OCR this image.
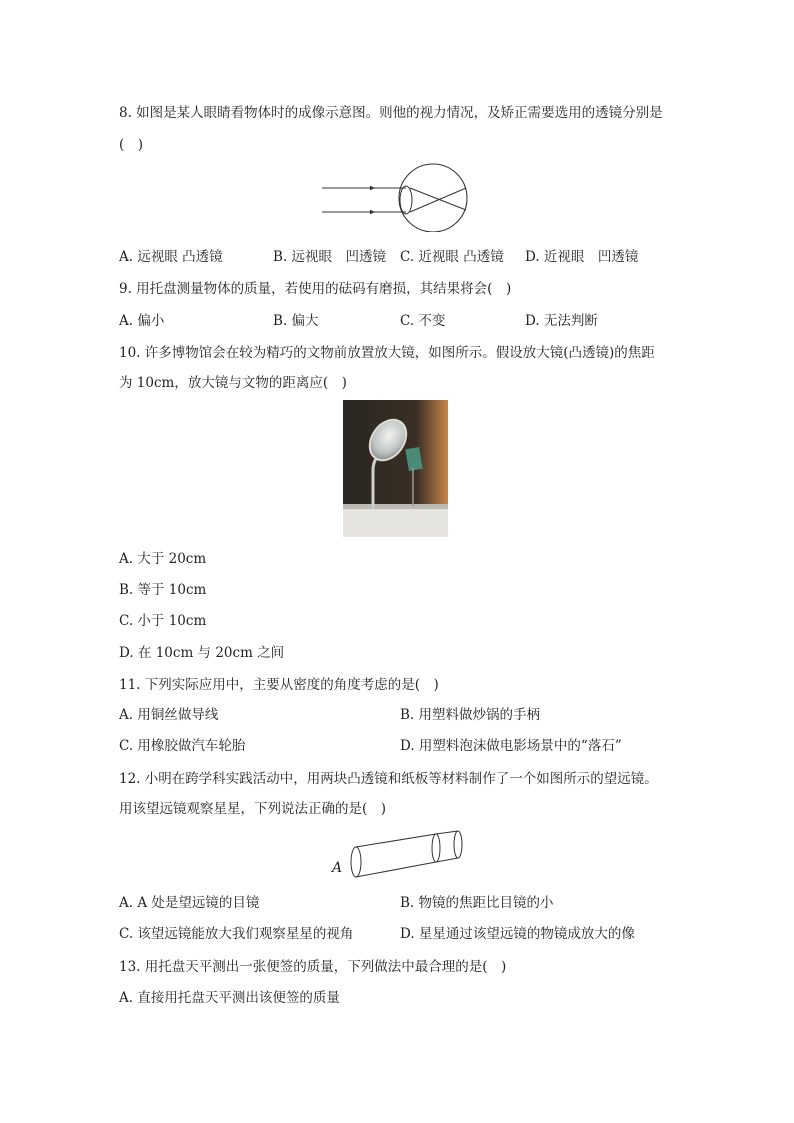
8. 如图是某人眼睛看物体时的成像示意图。则他的视力情况，及矫正需要选用的透镜分别是
(　)
A. 远视眼 凸透镜	B. 远视眼　凹透镜 C. 近视眼 凸透镜 D. 近视眼　凹透镜
9. 用托盘测量物体的质量，若使用的砝码有磨损，其结果将会(　)
A. 偏小	B. 偏大	C. 不变	D. 无法判断
10. 许多博物馆会在较为精巧的文物前放置放大镜，如图所示。假设放大镜(凸透镜)的焦距
为 10cm，放大镜与文物的距离应(　)
A. 大于 20cm
B. 等于 10cm
C. 小于 10cm
D. 在 10cm 与 20cm 之间
11. 下列实际应用中，主要从密度的角度考虑的是(　)
A. 用铜丝做导线	B. 用塑料做炒锅的手柄
C. 用橡胶做汽车轮胎	D. 用塑料泡沫做电影场景中的“落石”
12. 小明在跨学科实践活动中，用两块凸透镜和纸板等材料制作了一个如图所示的望远镜。
用该望远镜观察星星，下列说法正确的是(　)
A
A. A 处是望远镜的目镜	B. 物镜的焦距比目镜的小
C. 该望远镜能放大我们观察星星的视角	D. 星星通过该望远镜的物镜成放大的像
13. 用托盘天平测出一张便签的质量，下列做法中最合理的是(　)
A. 直接用托盘天平测出该便签的质量
